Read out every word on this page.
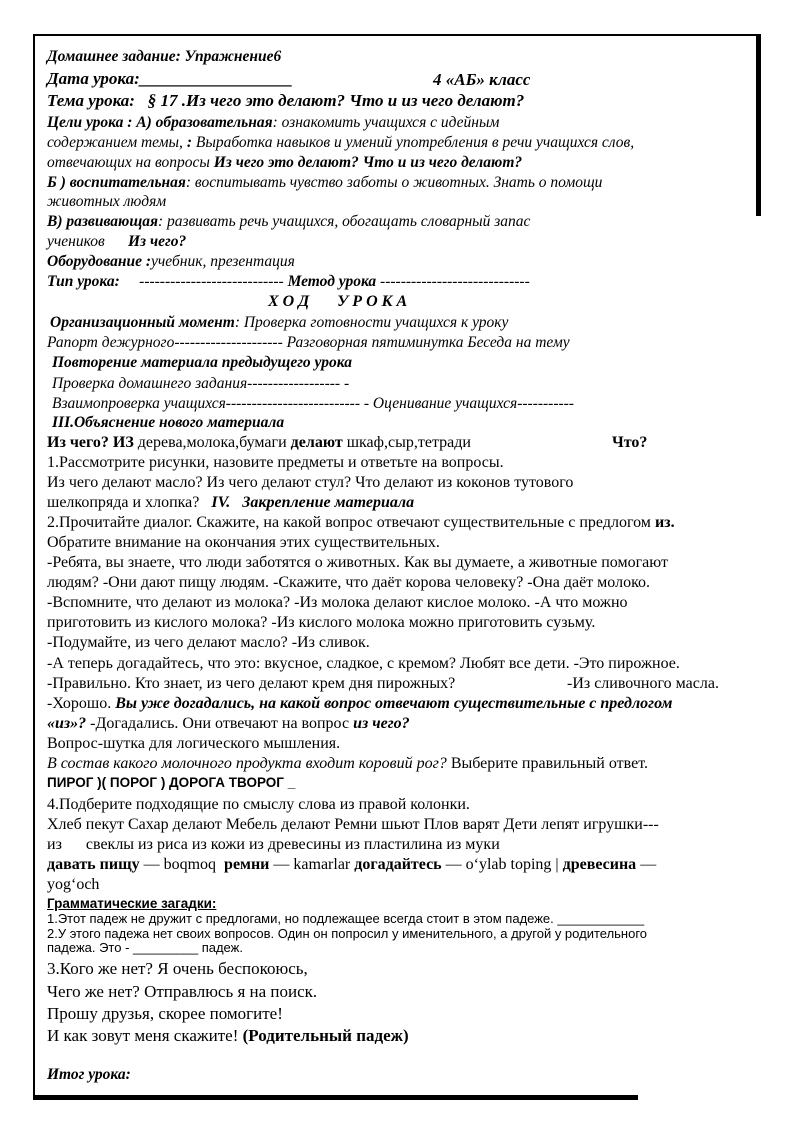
Домашнее задание: Упражнение6
Дата урока:__________________	4 «АБ» класс
Тема урока: § 17 .Из чего это делают? Что и из чего делают?
Цели урока : А) образовательная: ознакомить учащихся с идейным
содержанием темы, : Выработка навыков и умений употребления в речи учащихся слов,
отвечающих на вопросы Из чего это делают? Что и из чего делают?
Б ) воспитательная: воспитывать чувство заботы о животных. Знать о помощи
животных людям
В) развивающая: развивать речь учащихся, обогащать словарный запас
учеников      Из чего?
Оборудование :учебник, презентация
Тип урока:     ---------------------------- Метод урока -----------------------------
Х О Д       У Р О К А
Организационный момент: Проверка готовности учащихся к уроку
Рапорт дежурного--------------------- Разговорная пятиминутка Беседа на тему
Повторение материала предыдущего урока
Проверка домашнего задания------------------ -
Взаимопроверка учащихся-------------------------- - Оценивание учащихся-----------
III.Объяснение нового материала
Из чего? ИЗ дерева,молока,бумаги делают шкаф,сыр,тетради	Что?
1.Рассмотрите рисунки, назовите предметы и ответьте на вопросы.
Из чего делают масло? Из чего делают стул? Что делают из коконов тутового
шелкопряда и хлопка?   IV.   Закрепление материала
2.Прочитайте диалог. Скажите, на какой вопрос отвечают существительные с предлогом из.
Обратите внимание на окончания этих существительных.
-Ребята, вы знаете, что люди заботятся о животных. Как вы думаете, а животные помогают
людям? -Они дают пищу людям. -Скажите, что даёт корова человеку? -Она даёт молоко.
-Вспомните, что делают из молока? -Из молока делают кислое молоко. -А что можно
приготовить из кислого молока? -Из кислого молока можно приготовить сузьму.
-Подумайте, из чего делают масло? -Из сливок.
-А теперь догадайтесь, что это: вкусное, сладкое, с кремом? Любят все дети. -Это пирожное.
-Правильно. Кто знает, из чего делают крем дня пирожных?	-Из сливочного масла.
-Хорошо. Вы уже догадались, на какой вопрос отвечают существительные с предлогом
«из»? -Догадались. Они отвечают на вопрос из чего?
Вопрос-шутка для логического мышления.
В состав какого молочного продукта входит коровий рог? Выберите правильный ответ.
ПИРОГ )( ПОРОГ ) ДОРОГА ТВОРОГ _
4.Подберите подходящие по смыслу слова из правой колонки.
Хлеб пекут Сахар делают Мебель делают Ремни шьют Плов варят Дети лепят игрушки---
из      свеклы из риса из кожи из древесины из пластилина из муки
давать пищу — boqmoq  ремни — kamarlar догадайтесь — oʻylab toping | древесина —
yogʻoch
Грамматические загадки:
1.Этот падеж не дружит с предлогами, но подлежащее всегда стоит в этом падеже. ____________
2.У этого падежа нет своих вопросов. Один он попросил у именительного, а другой у родительного
падежа. Это - _________ падеж.
3.Кого же нет? Я очень беспокоюсь,
Чего же нет? Отправлюсь я на поиск.
Прошу друзья, скорее помогите!
И как зовут меня скажите! (Родительный падеж)
Итог урока:
